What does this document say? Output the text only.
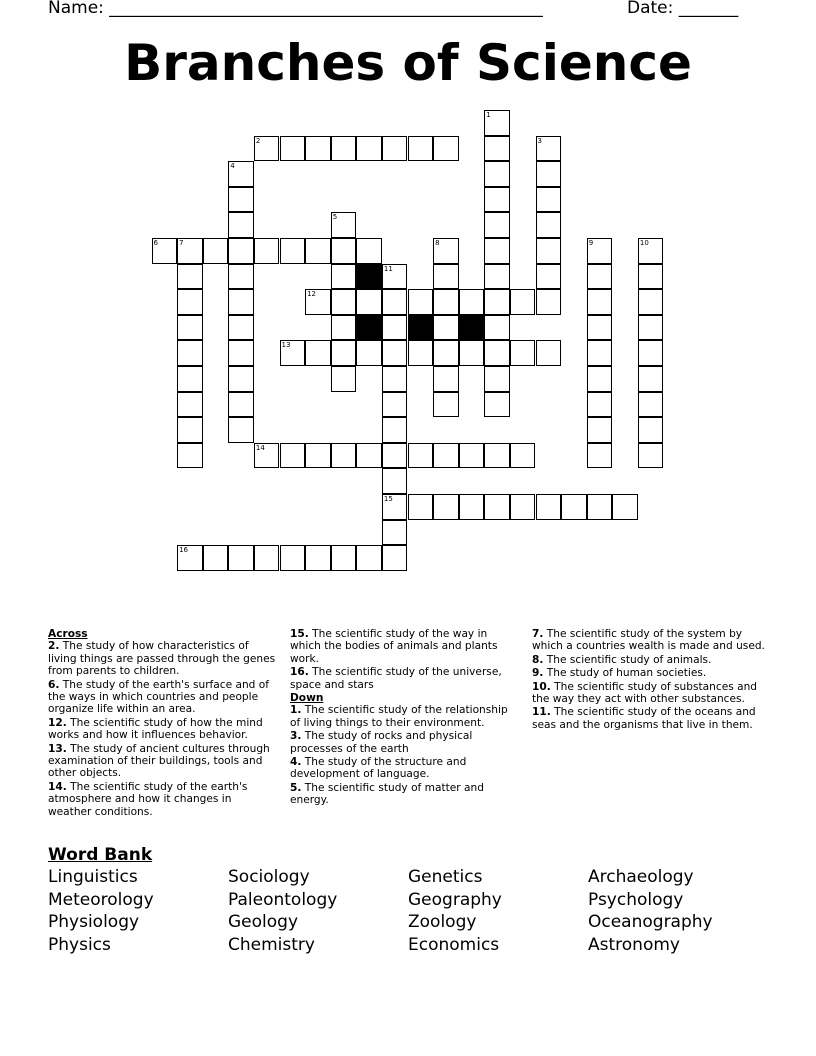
Name: ___________________________________________________	Date: _______
Branches of Science
1
2	3
4
5
6	7	8	9	10
11
12
13
14
15
16

Across

2. The study of how characteristics of living things are passed through the genes from parents to children.

6. The study of the earth's surface and of the ways in which countries and people organize life within an area.

12. The scientific study of how the mind works and how it influences behavior.

13. The study of ancient cultures through examination of their buildings, tools and other objects.

14. The scientific study of the earth's atmosphere and how it changes in weather conditions.

15. The scientific study of the way in which the bodies of animals and plants work.

16. The scientific study of the universe, space and stars

Down

1. The scientific study of the relationship of living things to their environment.

3. The study of rocks and physical processes of the earth

4. The study of the structure and development of language.

5. The scientific study of matter and energy.

7. The scientific study of the system by which a countries wealth is made and used.

8. The scientific study of animals.

9. The study of human societies.

10. The scientific study of substances and the way they act with other substances.

11. The scientific study of the oceans and seas and the organisms that live in them.

Word Bank
Linguistics	Sociology	Genetics	Archaeology
Meteorology	Paleontology	Geography	Psychology
Physiology	Geology	Zoology	Oceanography
Physics	Chemistry	Economics	Astronomy
